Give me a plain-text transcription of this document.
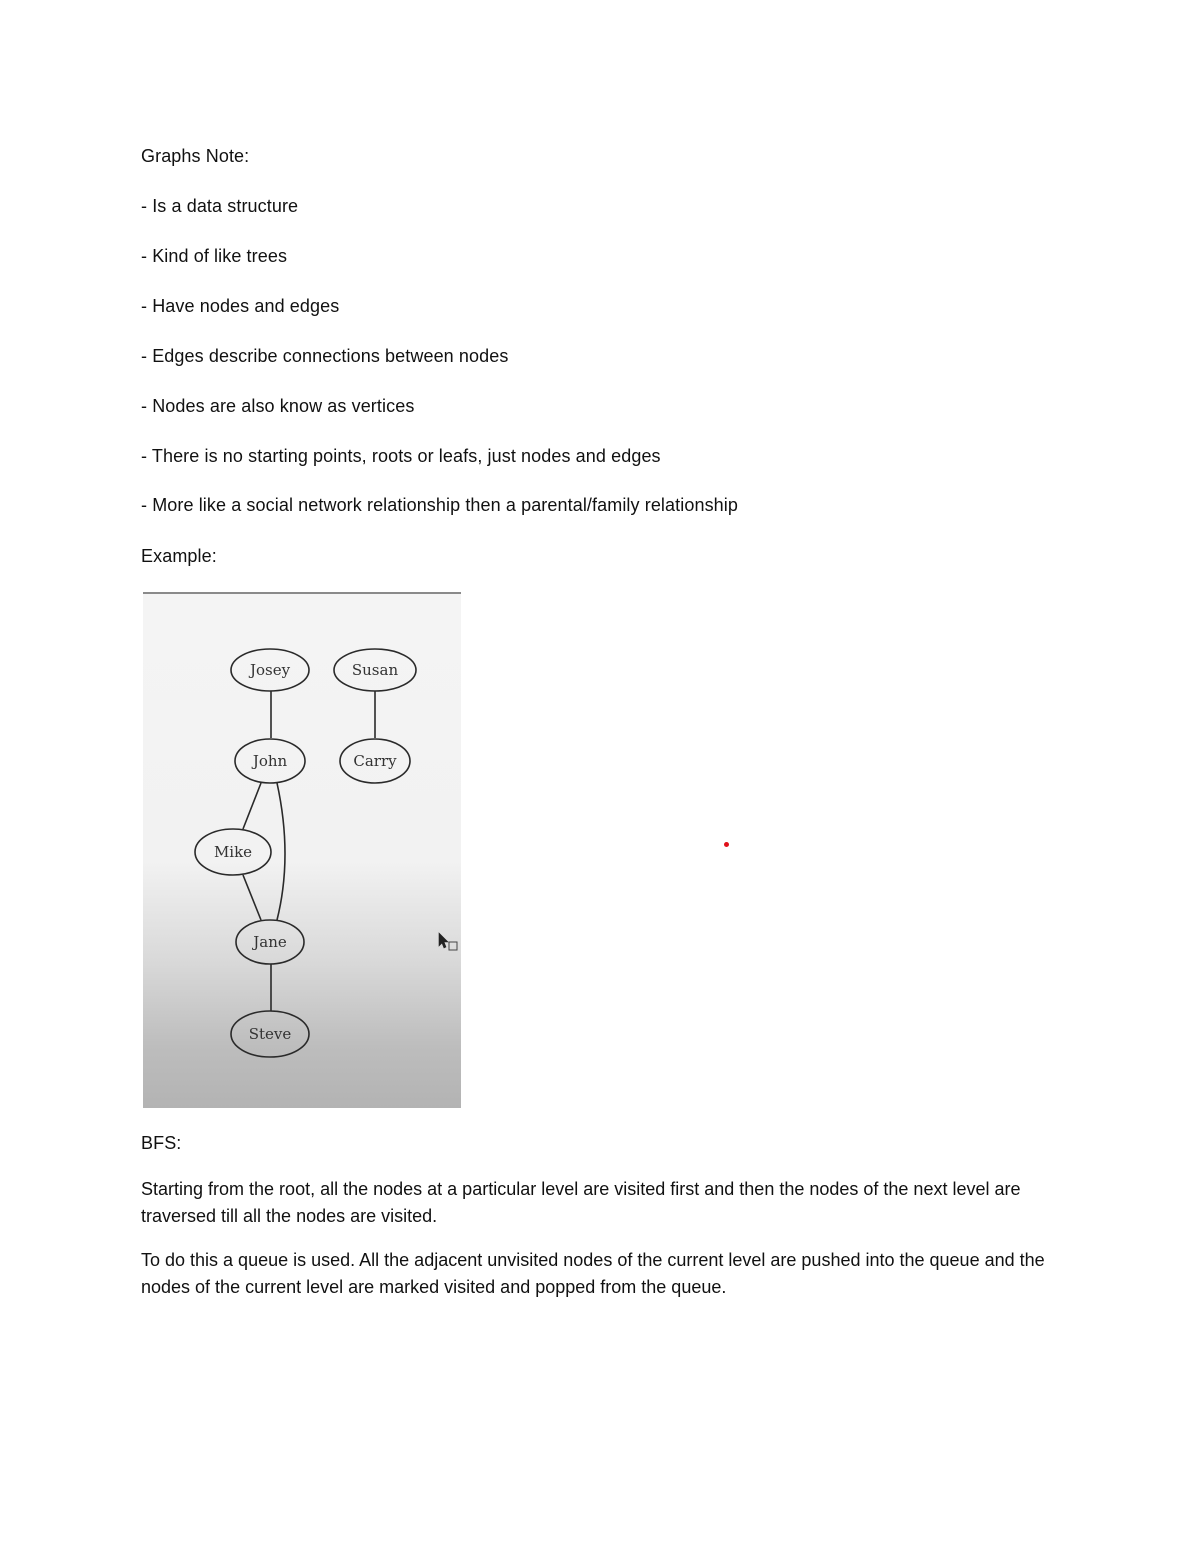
Graphs Note:
- Is a data structure
- Kind of like trees
- Have nodes and edges
- Edges describe connections between nodes
- Nodes are also know as vertices
- There is no starting points, roots or leafs, just nodes and edges
- More like a social network relationship then a parental/family relationship
Example:
Josey	Susan
John	Carry
Mike
Jane
Steve
BFS:
Starting from the root, all the nodes at a particular level are visited first and then the nodes of the next level are traversed till all the nodes are visited.
To do this a queue is used. All the adjacent unvisited nodes of the current level are pushed into the queue and the nodes of the current level are marked visited and popped from the queue.
